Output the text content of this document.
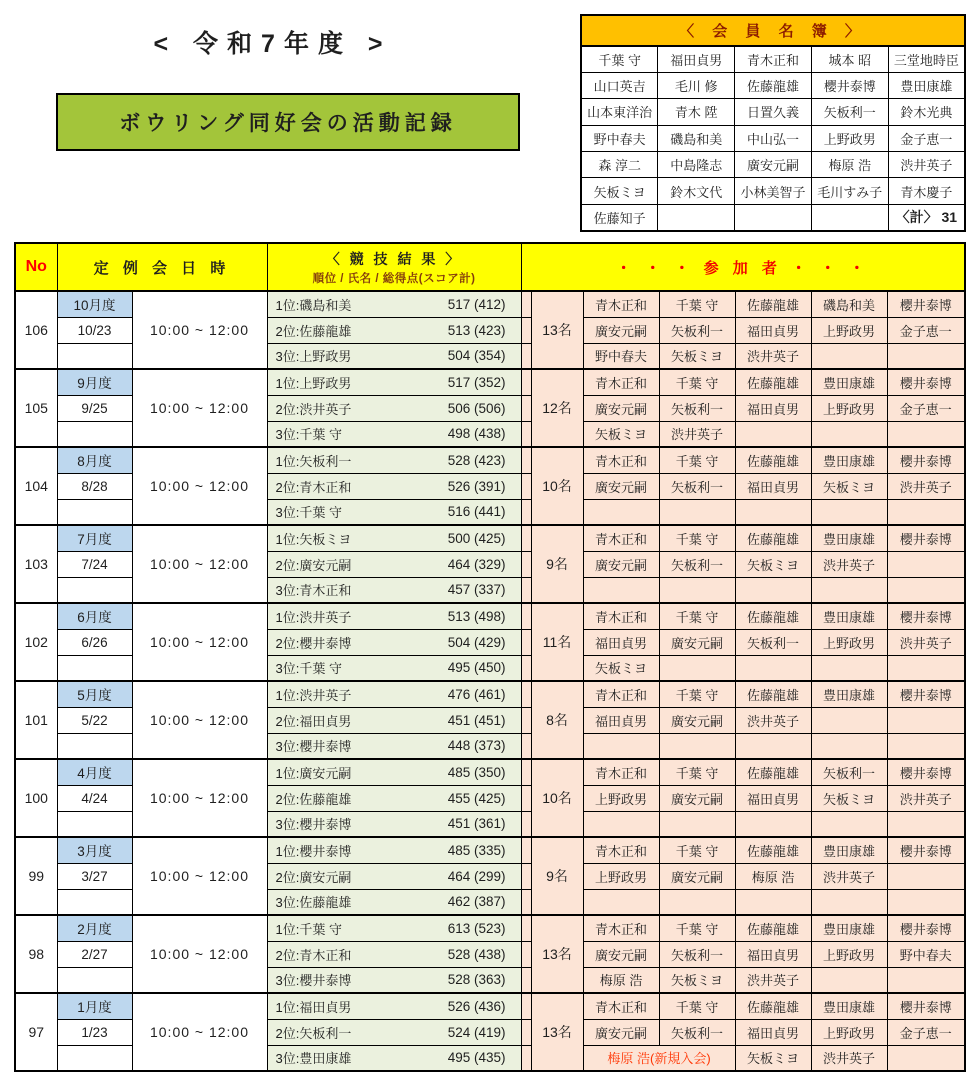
< 令和7年度 >
ボウリング同好会の活動記録
〈 会 員 名 簿 〉				
千葉 守	福田貞男	青木正和	城本 昭	三堂地時臣
山口英吉	毛川 修	佐藤龍雄	櫻井泰博	豊田康雄
山本東洋治	青木 陞	日置久義	矢板利一	鈴木光典
野中春夫	磯島和美	中山弘一	上野政男	金子恵一
森 淳二	中島隆志	廣安元嗣	梅原 浩	渋井英子
矢板ミヨ	鈴木文代	小林美智子	毛川すみ子	青木慶子
佐藤知子				〈計〉 31
No	定 例 会 日 時		〈 競 技 結 果 〉
順位 / 氏名 / 総得点(スコア計)	・ ・ ・ 参 加 者 ・ ・ ・						
106	10月度	10:00 ~ 12:00	1位:磯島和美 517 (412)		13名	青木正和	千葉 守	佐藤龍雄	磯島和美	櫻井泰博
	10/23		2位:佐藤龍雄 513 (423)			廣安元嗣	矢板利一	福田貞男	上野政男	金子恵一

			3位:上野政男 504 (354)			野中春夫	矢板ミヨ	渋井英子		
105	9月度	10:00 ~ 12:00	1位:上野政男 517 (352)		12名	青木正和	千葉 守	佐藤龍雄	豊田康雄	櫻井泰博
	9/25		2位:渋井英子 506 (506)			廣安元嗣	矢板利一	福田貞男	上野政男	金子恵一

			3位:千葉 守 498 (438)			矢板ミヨ	渋井英子			
104	8月度	10:00 ~ 12:00	1位:矢板利一 528 (423)		10名	青木正和	千葉 守	佐藤龍雄	豊田康雄	櫻井泰博
	8/28		2位:青木正和 526 (391)			廣安元嗣	矢板利一	福田貞男	矢板ミヨ	渋井英子

			3位:千葉 守 516 (441)							

103	7月度	10:00 ~ 12:00	1位:矢板ミヨ 500 (425)		9名	青木正和	千葉 守	佐藤龍雄	豊田康雄	櫻井泰博
	7/24		2位:廣安元嗣 464 (329)			廣安元嗣	矢板利一	矢板ミヨ	渋井英子	

			3位:青木正和 457 (337)							

102	6月度	10:00 ~ 12:00	1位:渋井英子 513 (498)		11名	青木正和	千葉 守	佐藤龍雄	豊田康雄	櫻井泰博
	6/26		2位:櫻井泰博 504 (429)			福田貞男	廣安元嗣	矢板利一	上野政男	渋井英子

			3位:千葉 守 495 (450)			矢板ミヨ				
101	5月度	10:00 ~ 12:00	1位:渋井英子 476 (461)		8名	青木正和	千葉 守	佐藤龍雄	豊田康雄	櫻井泰博
	5/22		2位:福田貞男 451 (451)			福田貞男	廣安元嗣	渋井英子		

			3位:櫻井泰博 448 (373)							

100	4月度	10:00 ~ 12:00	1位:廣安元嗣 485 (350)		10名	青木正和	千葉 守	佐藤龍雄	矢板利一	櫻井泰博
	4/24		2位:佐藤龍雄 455 (425)			上野政男	廣安元嗣	福田貞男	矢板ミヨ	渋井英子

			3位:櫻井泰博 451 (361)							

99	3月度	10:00 ~ 12:00	1位:櫻井泰博 485 (335)		9名	青木正和	千葉 守	佐藤龍雄	豊田康雄	櫻井泰博
	3/27		2位:廣安元嗣 464 (299)			上野政男	廣安元嗣	梅原 浩	渋井英子	

			3位:佐藤龍雄 462 (387)							

98	2月度	10:00 ~ 12:00	1位:千葉 守 613 (523)		13名	青木正和	千葉 守	佐藤龍雄	豊田康雄	櫻井泰博
	2/27		2位:青木正和 528 (438)			廣安元嗣	矢板利一	福田貞男	上野政男	野中春夫

			3位:櫻井泰博 528 (363)			梅原 浩	矢板ミヨ	渋井英子		
97	1月度	10:00 ~ 12:00	1位:福田貞男 526 (436)		13名	青木正和	千葉 守	佐藤龍雄	豊田康雄	櫻井泰博
	1/23		2位:矢板利一 524 (419)			廣安元嗣	矢板利一	福田貞男	上野政男	金子恵一

			3位:豊田康雄 495 (435)			梅原 浩(新規入会)		矢板ミヨ	渋井英子	
